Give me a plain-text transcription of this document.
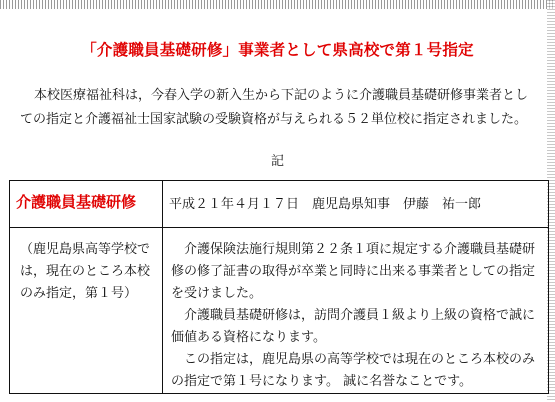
「介護職員基礎研修」事業者として県高校で第１号指定

本校医療福祉科は，今春入学の新入生から下記のように介護職員基礎研修事業者としての指定と介護福祉士国家試験の受験資格が与えられる５２単位校に指定されました。

記
介護職員基礎研修	平成２１年４月１７日　鹿児島県知事　伊藤　祐一郎

（鹿児島県高等学校では，現在のところ本校のみ指定，第１号）	介護保険法施行規則第２２条１項に規定する介護職員基礎研修の修了証書の取得が卒業と同時に出来る事業者としての指定を受けました。

介護職員基礎研修は，訪問介護員１級より上級の資格で誠に価値ある資格になります。

この指定は，鹿児島県の高等学校では現在のところ本校のみの指定で第１号になります。 誠に名誉なことです。
